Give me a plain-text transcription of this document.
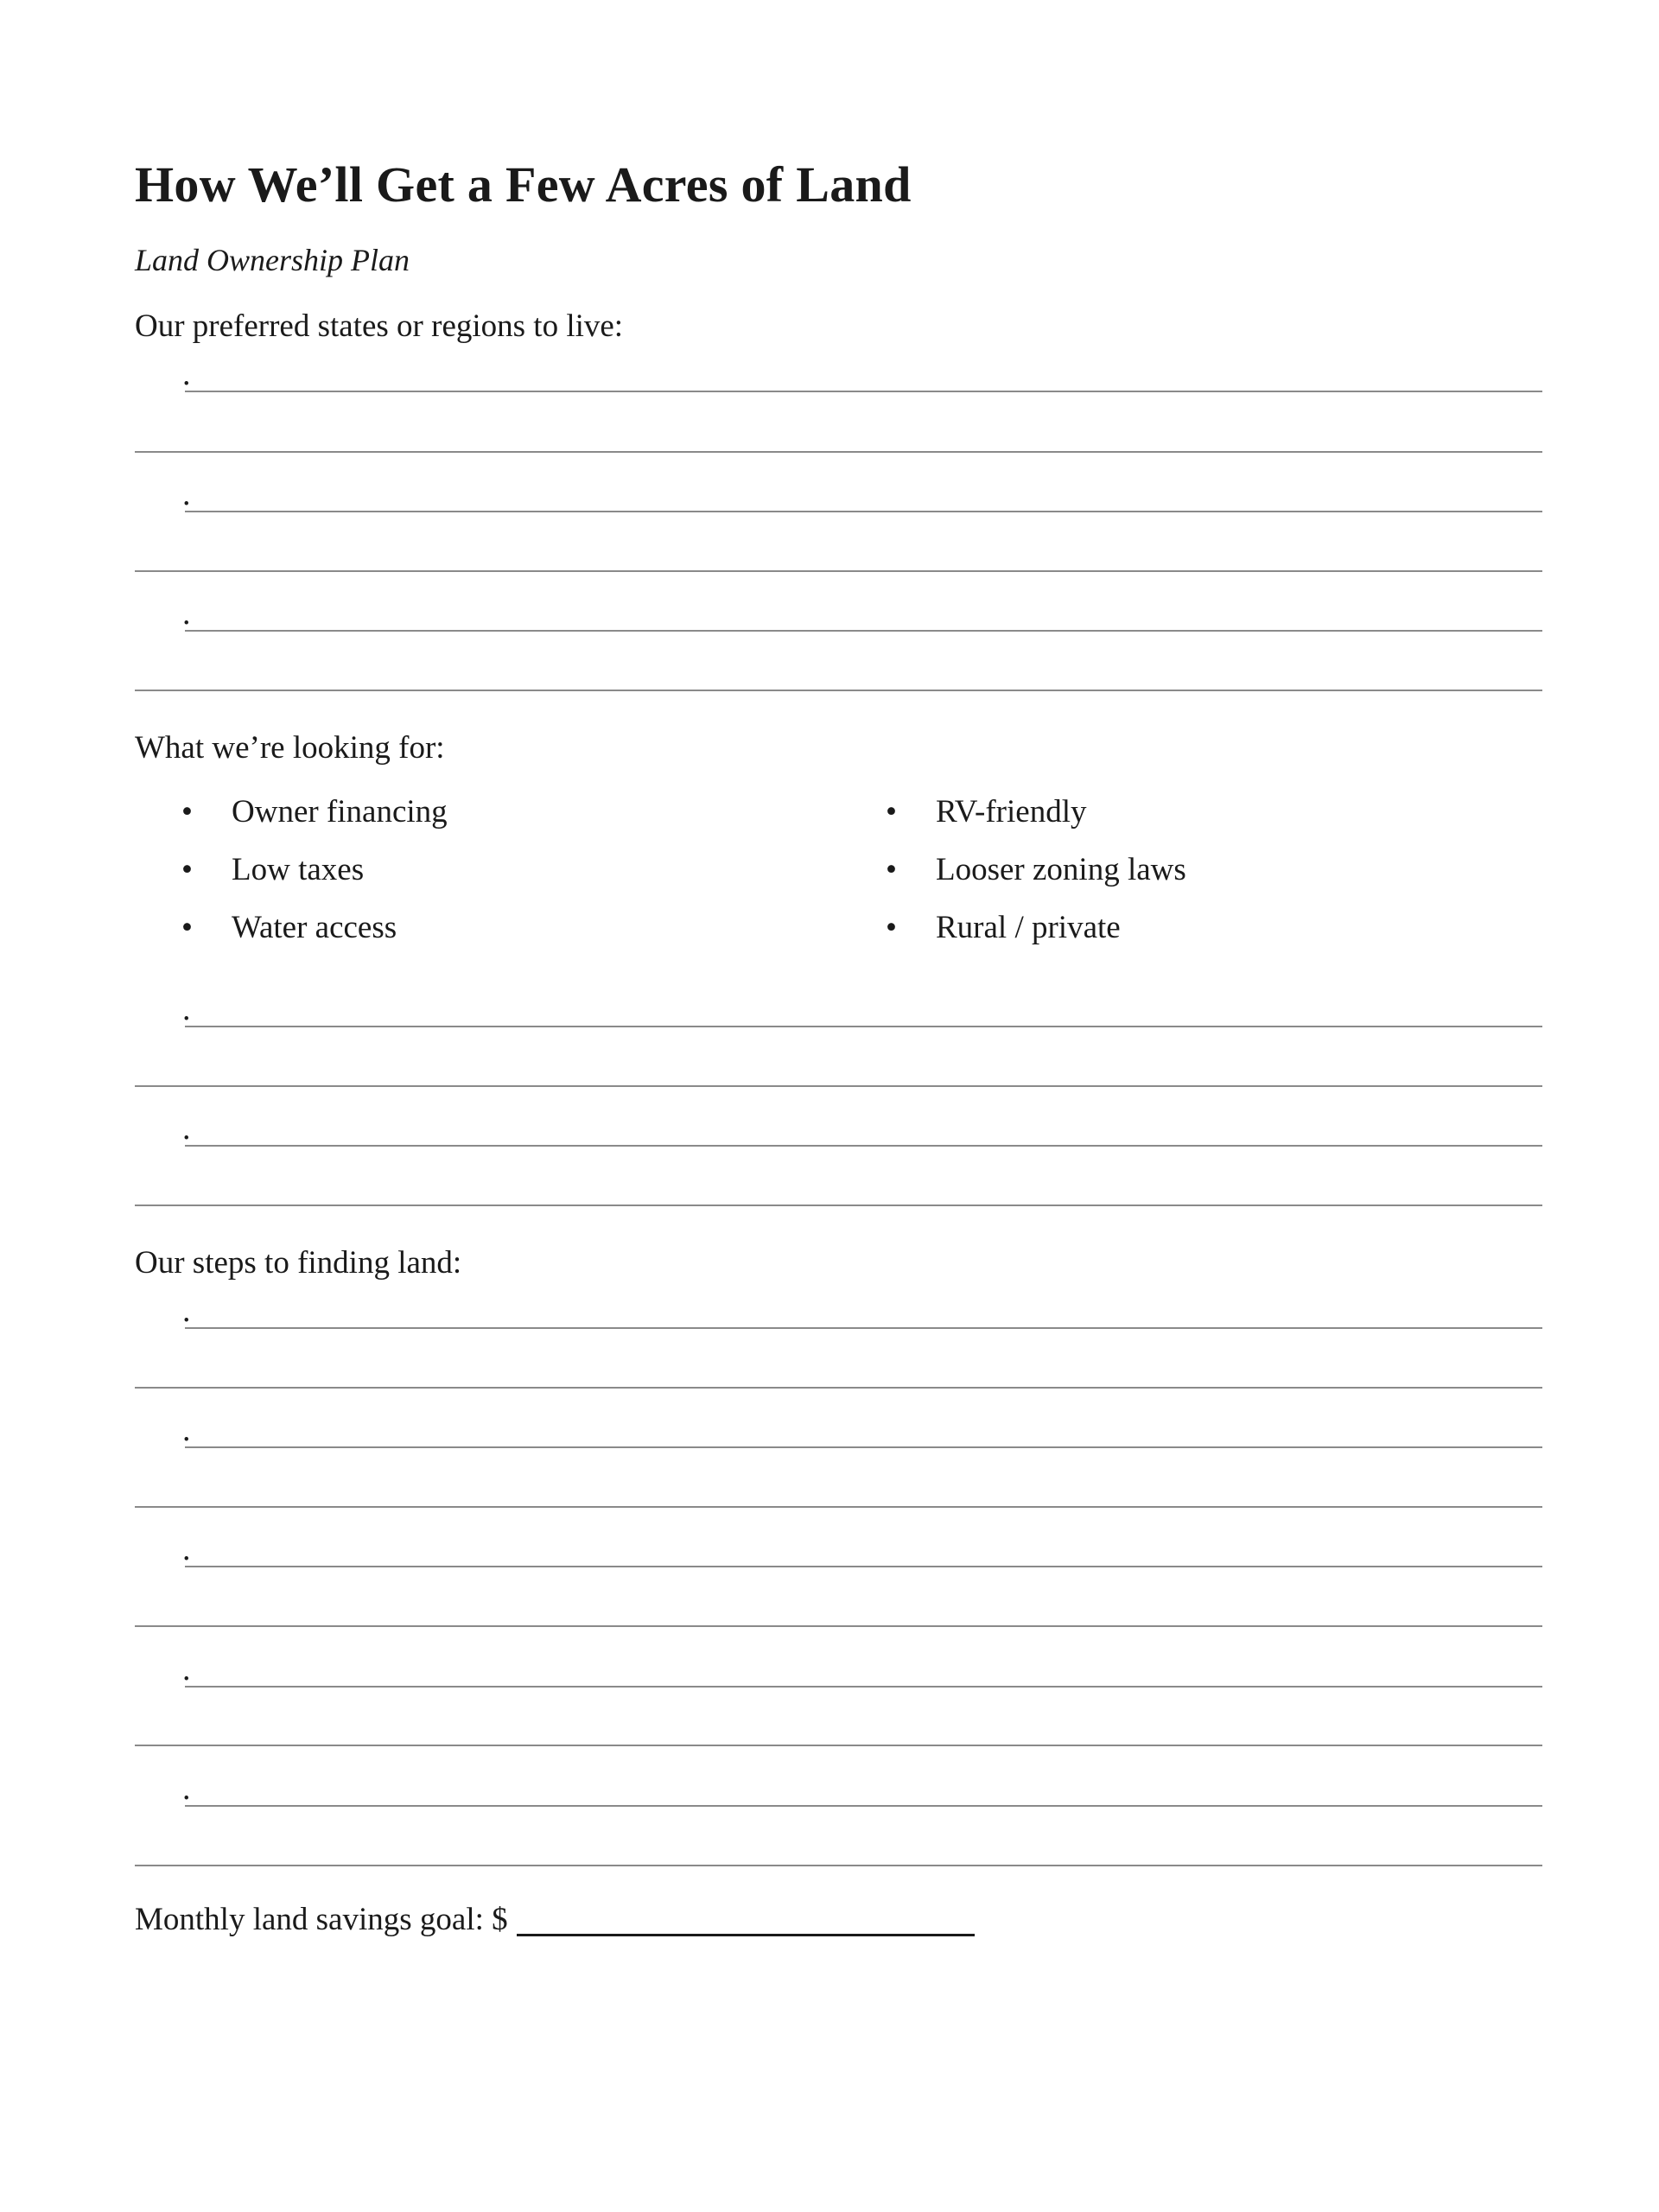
How We’ll Get a Few Acres of Land
Land Ownership Plan
Our preferred states or regions to live:
.
.
.
What we’re looking for:
• Owner financing
• Low taxes
• Water access
• RV-friendly
• Looser zoning laws
• Rural / private
.
.
Our steps to finding land:
.
.
.
.
.
Monthly land savings goal: $
